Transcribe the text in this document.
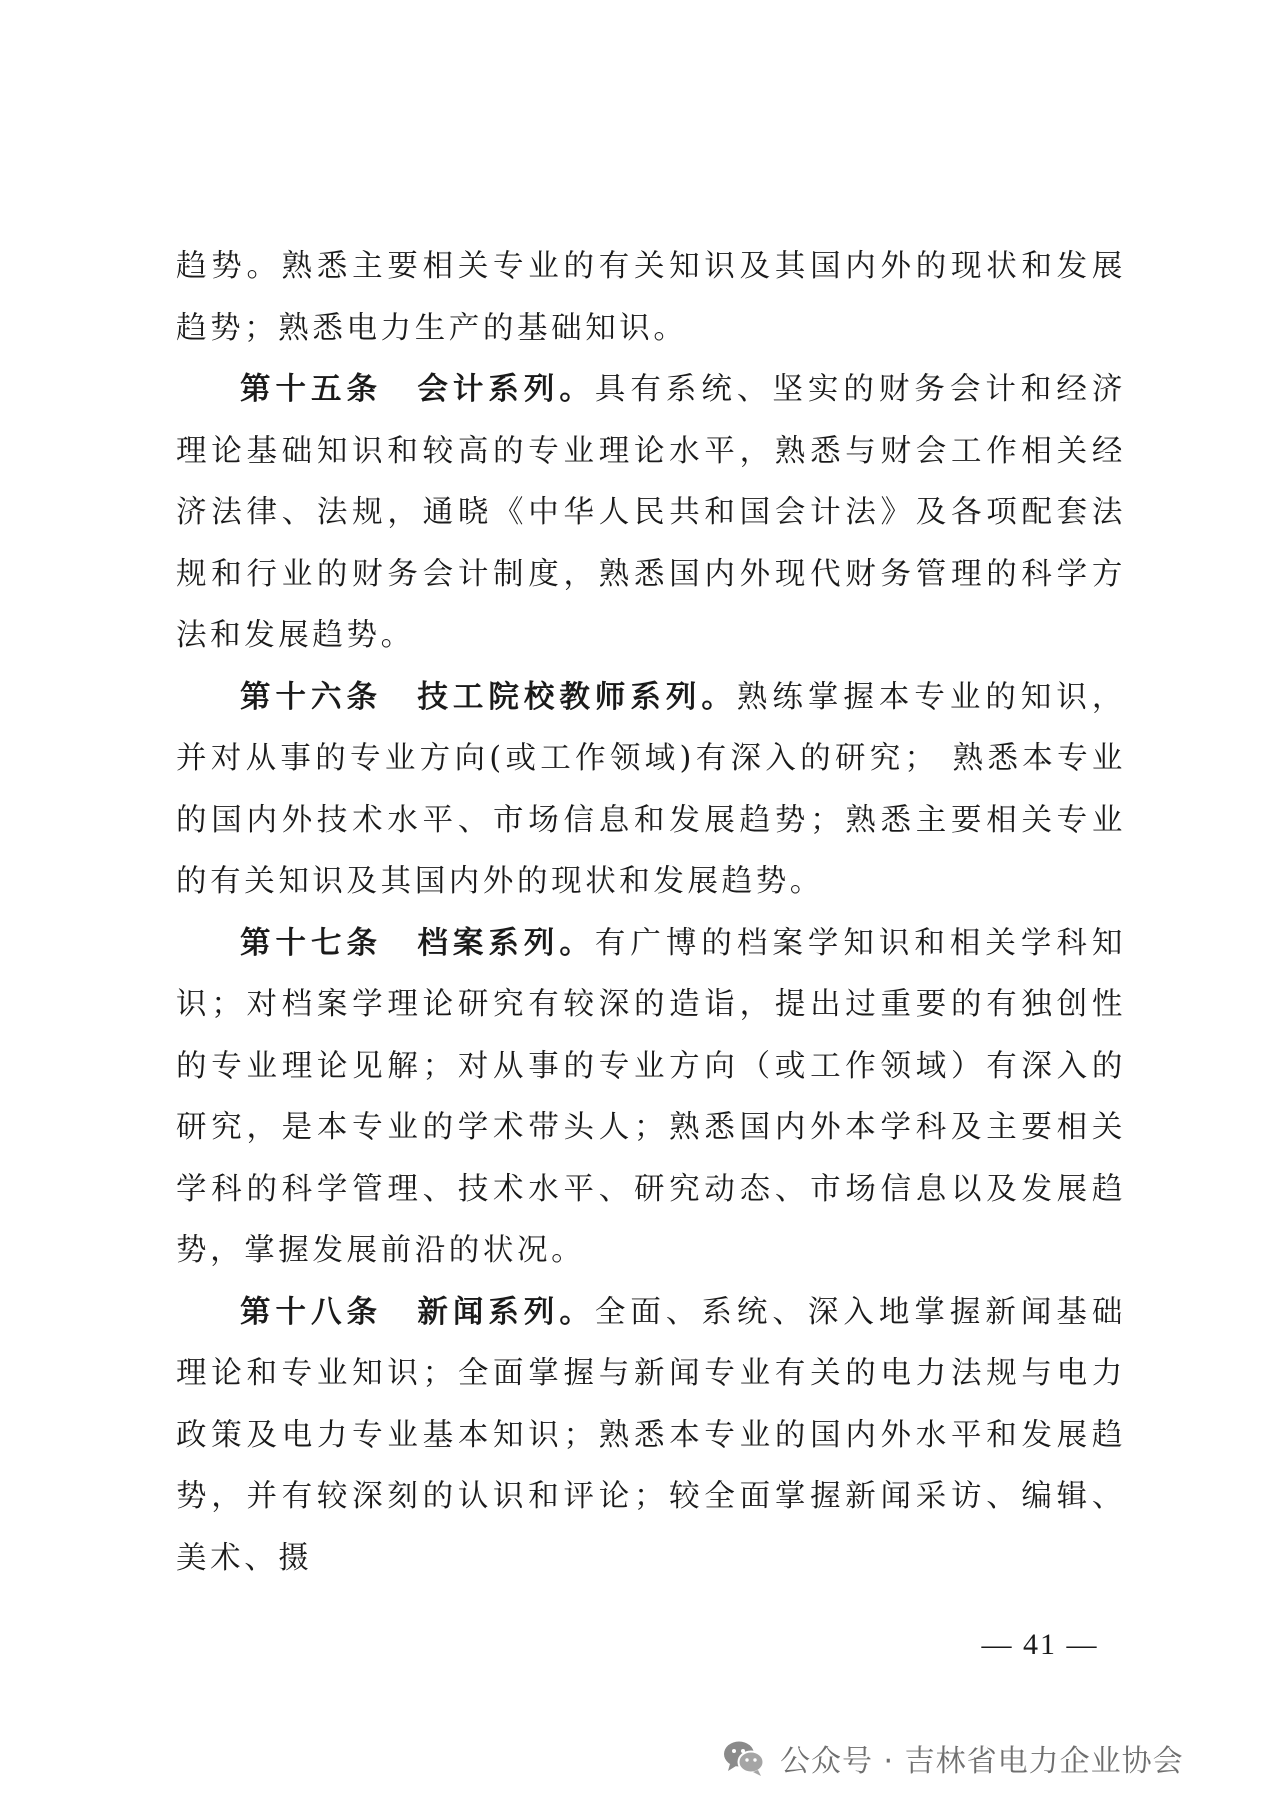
趋势。熟悉主要相关专业的有关知识及其国内外的现状和发展趋势；熟悉电力生产的基础知识。

第十五条 会计系列。具有系统、坚实的财务会计和经济理论基础知识和较高的专业理论水平，熟悉与财会工作相关经济法律、法规，通晓《中华人民共和国会计法》及各项配套法规和行业的财务会计制度，熟悉国内外现代财务管理的科学方法和发展趋势。

第十六条 技工院校教师系列。熟练掌握本专业的知识，并对从事的专业方向(或工作领域)有深入的研究； 熟悉本专业的国内外技术水平、市场信息和发展趋势；熟悉主要相关专业的有关知识及其国内外的现状和发展趋势。

第十七条 档案系列。有广博的档案学知识和相关学科知识；对档案学理论研究有较深的造诣，提出过重要的有独创性的专业理论见解；对从事的专业方向（或工作领域）有深入的研究，是本专业的学术带头人；熟悉国内外本学科及主要相关学科的科学管理、技术水平、研究动态、市场信息以及发展趋势，掌握发展前沿的状况。

第十八条 新闻系列。全面、系统、深入地掌握新闻基础理论和专业知识；全面掌握与新闻专业有关的电力法规与电力政策及电力专业基本知识；熟悉本专业的国内外水平和发展趋势，并有较深刻的认识和评论；较全面掌握新闻采访、编辑、美术、摄

— 41 —
公众号 · 吉林省电力企业协会
